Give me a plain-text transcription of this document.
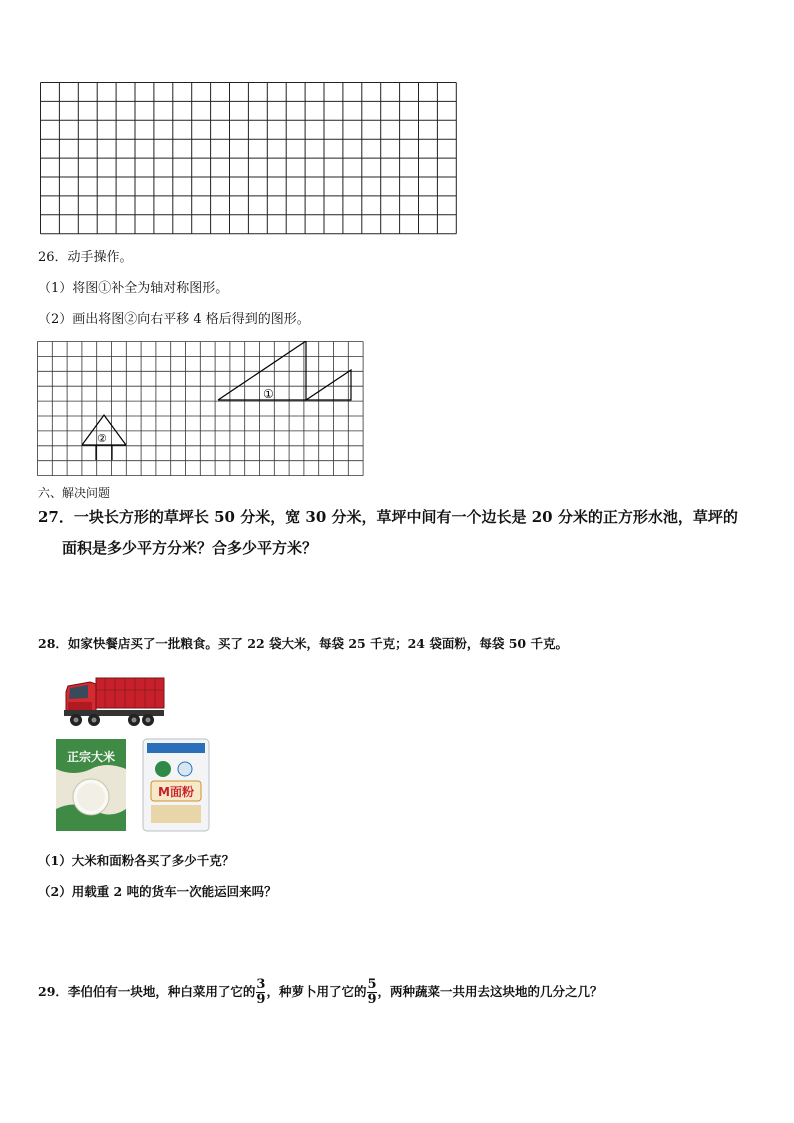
26．动手操作。
（1）将图①补全为轴对称图形。
（2）画出将图②向右平移 4 格后得到的图形。
①
②
六、解决问题
27．一块长方形的草坪长 50 分米，宽 30 分米，草坪中间有一个边长是 20 分米的正方形水池，草坪的
面积是多少平方分米？合多少平方米？
28．如家快餐店买了一批粮食。买了 22 袋大米，每袋 25 千克；24 袋面粉，每袋 50 千克。
正宗大米
M面粉
（1）大米和面粉各买了多少千克？
（2）用载重 2 吨的货车一次能运回来吗？
29．李伯伯有一块地，种白菜用了它的 $\frac{3}{9}$ ，种萝卜用了它的 $\frac{5}{9}$ ，两种蔬菜一共用去这块地的几分之几？
